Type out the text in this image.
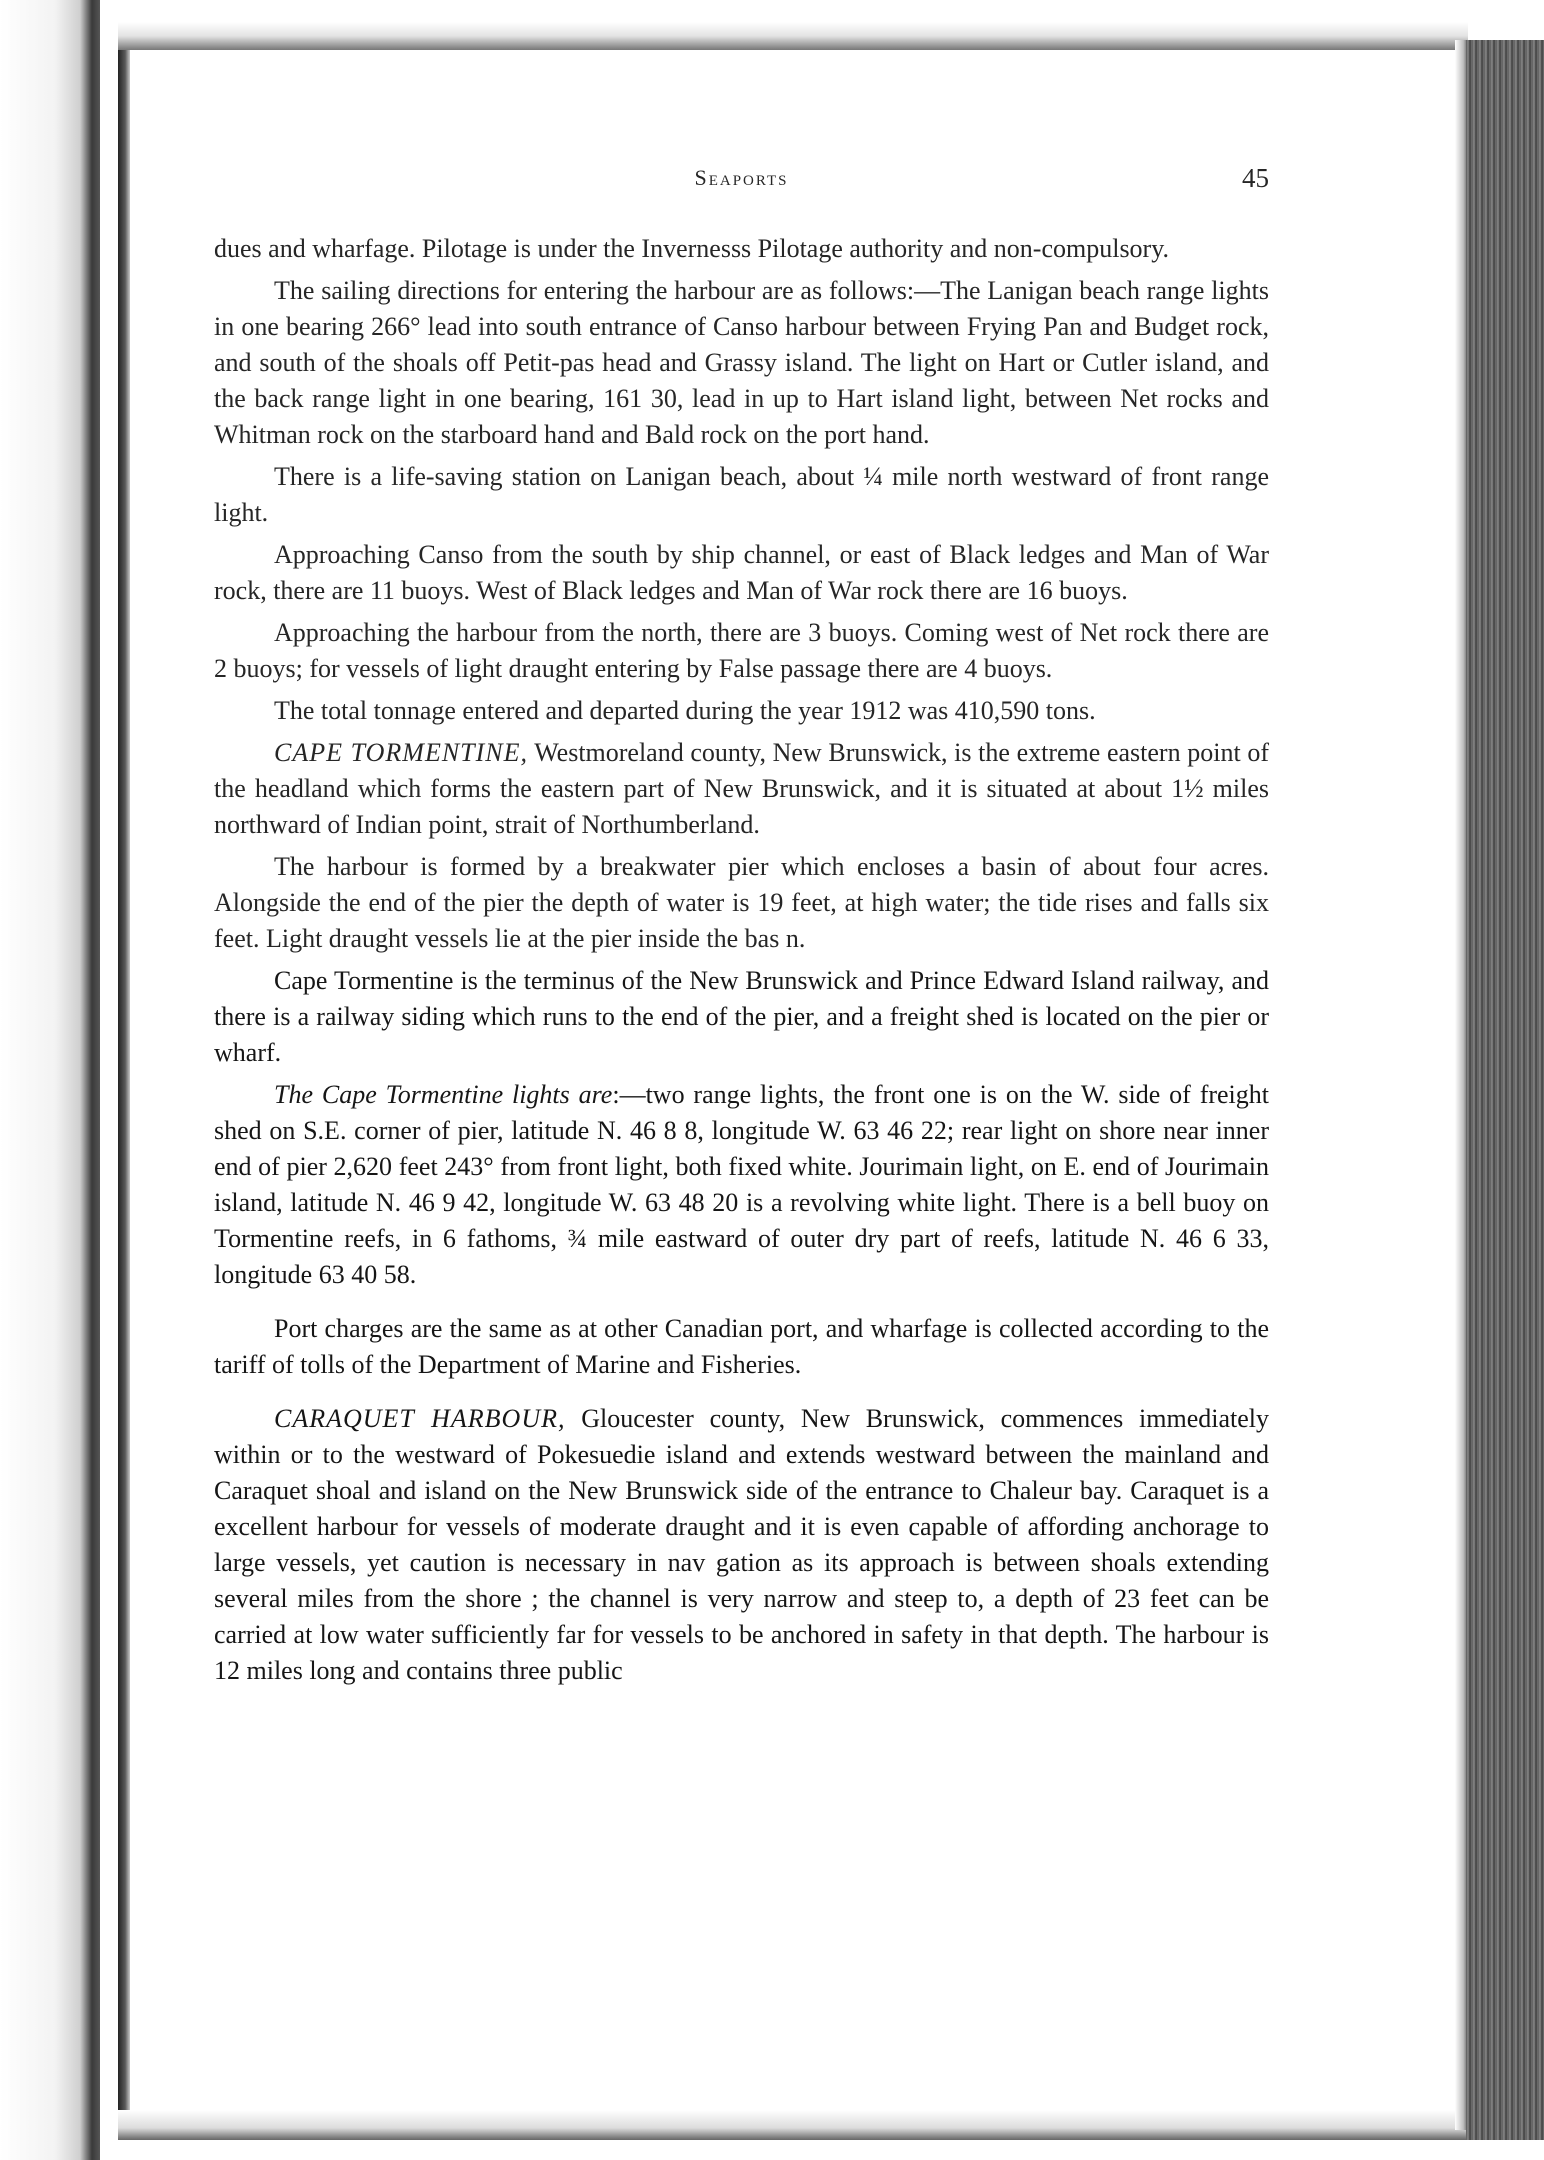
Seaports	45

dues and wharfage. Pilotage is under the Invernesss Pilotage authority and non-compulsory.

The sailing directions for entering the harbour are as follows:—The Lanigan beach range lights in one bearing 266° lead into south entrance of Canso harbour between Frying Pan and Budget rock, and south of the shoals off Petit-pas head and Grassy island. The light on Hart or Cutler island, and the back range light in one bearing, 161 30, lead in up to Hart island light, between Net rocks and Whitman rock on the starboard hand and Bald rock on the port hand.

There is a life-saving station on Lanigan beach, about ¼ mile north westward of front range light.

Approaching Canso from the south by ship channel, or east of Black ledges and Man of War rock, there are 11 buoys. West of Black ledges and Man of War rock there are 16 buoys.

Approaching the harbour from the north, there are 3 buoys. Coming west of Net rock there are 2 buoys; for vessels of light draught entering by False passage there are 4 buoys.

The total tonnage entered and departed during the year 1912 was 410,590 tons.

CAPE TORMENTINE, Westmoreland county, New Brunswick, is the extreme eastern point of the headland which forms the eastern part of New Brunswick, and it is situated at about 1½ miles northward of Indian point, strait of Northumberland.

The harbour is formed by a breakwater pier which encloses a basin of about four acres. Alongside the end of the pier the depth of water is 19 feet, at high water; the tide rises and falls six feet. Light draught vessels lie at the pier inside the bas n.

Cape Tormentine is the terminus of the New Brunswick and Prince Edward Island railway, and there is a railway siding which runs to the end of the pier, and a freight shed is located on the pier or wharf.

The Cape Tormentine lights are:—two range lights, the front one is on the W. side of freight shed on S.E. corner of pier, latitude N. 46 8 8, longitude W. 63 46 22; rear light on shore near inner end of pier 2,620 feet 243° from front light, both fixed white. Jourimain light, on E. end of Jourimain island, latitude N. 46 9 42, longitude W. 63 48 20 is a revolving white light. There is a bell buoy on Tormentine reefs, in 6 fathoms, ¾ mile eastward of outer dry part of reefs, latitude N. 46 6 33, longitude 63 40 58.

Port charges are the same as at other Canadian port, and wharfage is collected according to the tariff of tolls of the Department of Marine and Fisheries.

CARAQUET HARBOUR, Gloucester county, New Brunswick, commences immediately within or to the westward of Pokesuedie island and extends westward between the mainland and Caraquet shoal and island on the New Brunswick side of the entrance to Chaleur bay. Caraquet is a excellent harbour for vessels of moderate draught and it is even capable of affording anchorage to large vessels, yet caution is necessary in nav gation as its approach is between shoals extending several miles from the shore ; the channel is very narrow and steep to, a depth of 23 feet can be carried at low water sufficiently far for vessels to be anchored in safety in that depth. The harbour is 12 miles long and contains three public
